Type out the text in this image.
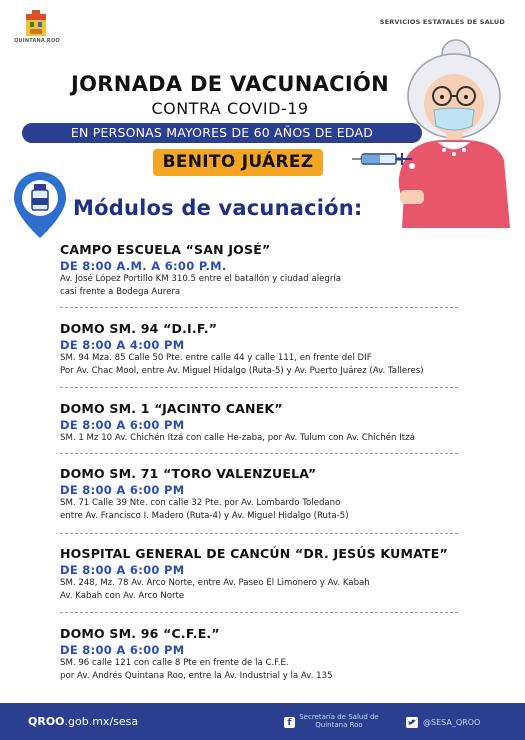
QUINTANA ROO
SERVICIOS ESTATALES DE SALUD
JORNADA DE VACUNACIÓN
CONTRA COVID-19
EN PERSONAS MAYORES DE 60 AÑOS DE EDAD
BENITO JUÁREZ
Módulos de vacunación:
CAMPO ESCUELA “SAN JOSÉ”
DE 8:00 A.M. A 6:00 P.M.
Av. José López Portillo KM 310.5 entre el batallón y ciudad alegría
casi frente a Bodega Aurera
DOMO SM. 94 “D.I.F.”
DE 8:00 A 4:00 PM
SM. 94 Mza. 85 Calle 50 Pte. entre calle 44 y calle 111, en frente del DIF
Por Av. Chac Mool, entre Av. Miguel Hidalgo (Ruta-5) y Av. Puerto Juárez (Av. Talleres)
DOMO SM. 1 “JACINTO CANEK”
DE 8:00 A 6:00 PM
SM. 1 Mz 10 Av. Chichén Itzá con calle He-zaba, por Av. Tulum con Av. Chichén Itzá
DOMO SM. 71 “TORO VALENZUELA”
DE 8:00 A 6:00 PM
SM. 71 Calle 39 Nte. con calle 32 Pte. por Av. Lombardo Toledano
entre Av. Francisco I. Madero (Ruta-4) y Av. Miguel Hidalgo (Ruta-5)
HOSPITAL GENERAL DE CANCÚN “DR. JESÚS KUMATE”
DE 8:00 A 6:00 PM
SM. 248, Mz. 78 Av. Arco Norte, entre Av. Paseo El Limonero y Av. Kabah
Av. Kabah con Av. Arco Norte
DOMO SM. 96 “C.F.E.”
DE 8:00 A 6:00 PM
SM. 96 calle 121 con calle 8 Pte en frente de la C.F.E.
por Av. Andrés Quintana Roo, entre la Av. Industrial y la Av. 135
QROO.gob.mx/sesa	f
Secretaría de Salud de Quintana Roo	@SESA_QROO
